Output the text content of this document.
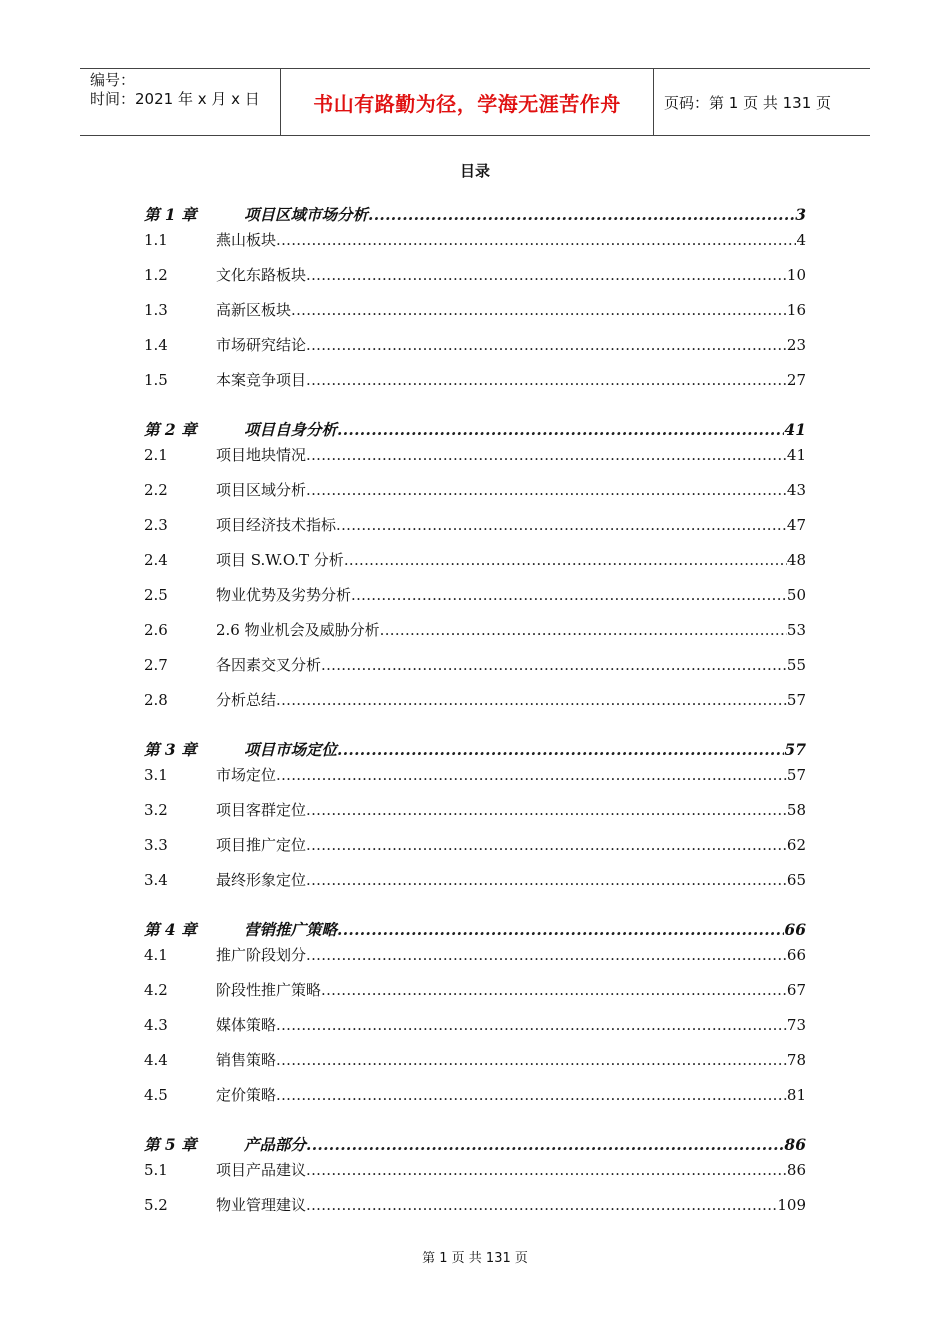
编号：
时间：2021 年 x 月 x 日	书山有路勤为径，学海无涯苦作舟	页码：第 1 页 共 131 页
目录
第 1 章	项目区域市场分析 .....	3
1.1	燕山板块 .....	4
1.2	文化东路板块 .....	10
1.3	高新区板块 .....	16
1.4	市场研究结论 .....	23
1.5	本案竞争项目 .....	27
第 2 章	项目自身分析 .....	41
2.1	项目地块情况 .....	41
2.2	项目区域分析 .....	43
2.3	项目经济技术指标 .....	47
2.4	项目 S.W.O.T 分析 .....	48
2.5	物业优势及劣势分析 .....	50
2.6	2.6 物业机会及威胁分析 .....	53
2.7	各因素交叉分析 .....	55
2.8	分析总结 .....	57
第 3 章	项目市场定位 .....	57
3.1	市场定位 .....	57
3.2	项目客群定位 .....	58
3.3	项目推广定位 .....	62
3.4	最终形象定位 .....	65
第 4 章	营销推广策略 .....	66
4.1	推广阶段划分 .....	66
4.2	阶段性推广策略 .....	67
4.3	媒体策略 .....	73
4.4	销售策略 .....	78
4.5	定价策略 .....	81
第 5 章	产品部分 .....	86
5.1	项目产品建议 .....	86
5.2	物业管理建议 .....	109
第 1 页 共 131 页
